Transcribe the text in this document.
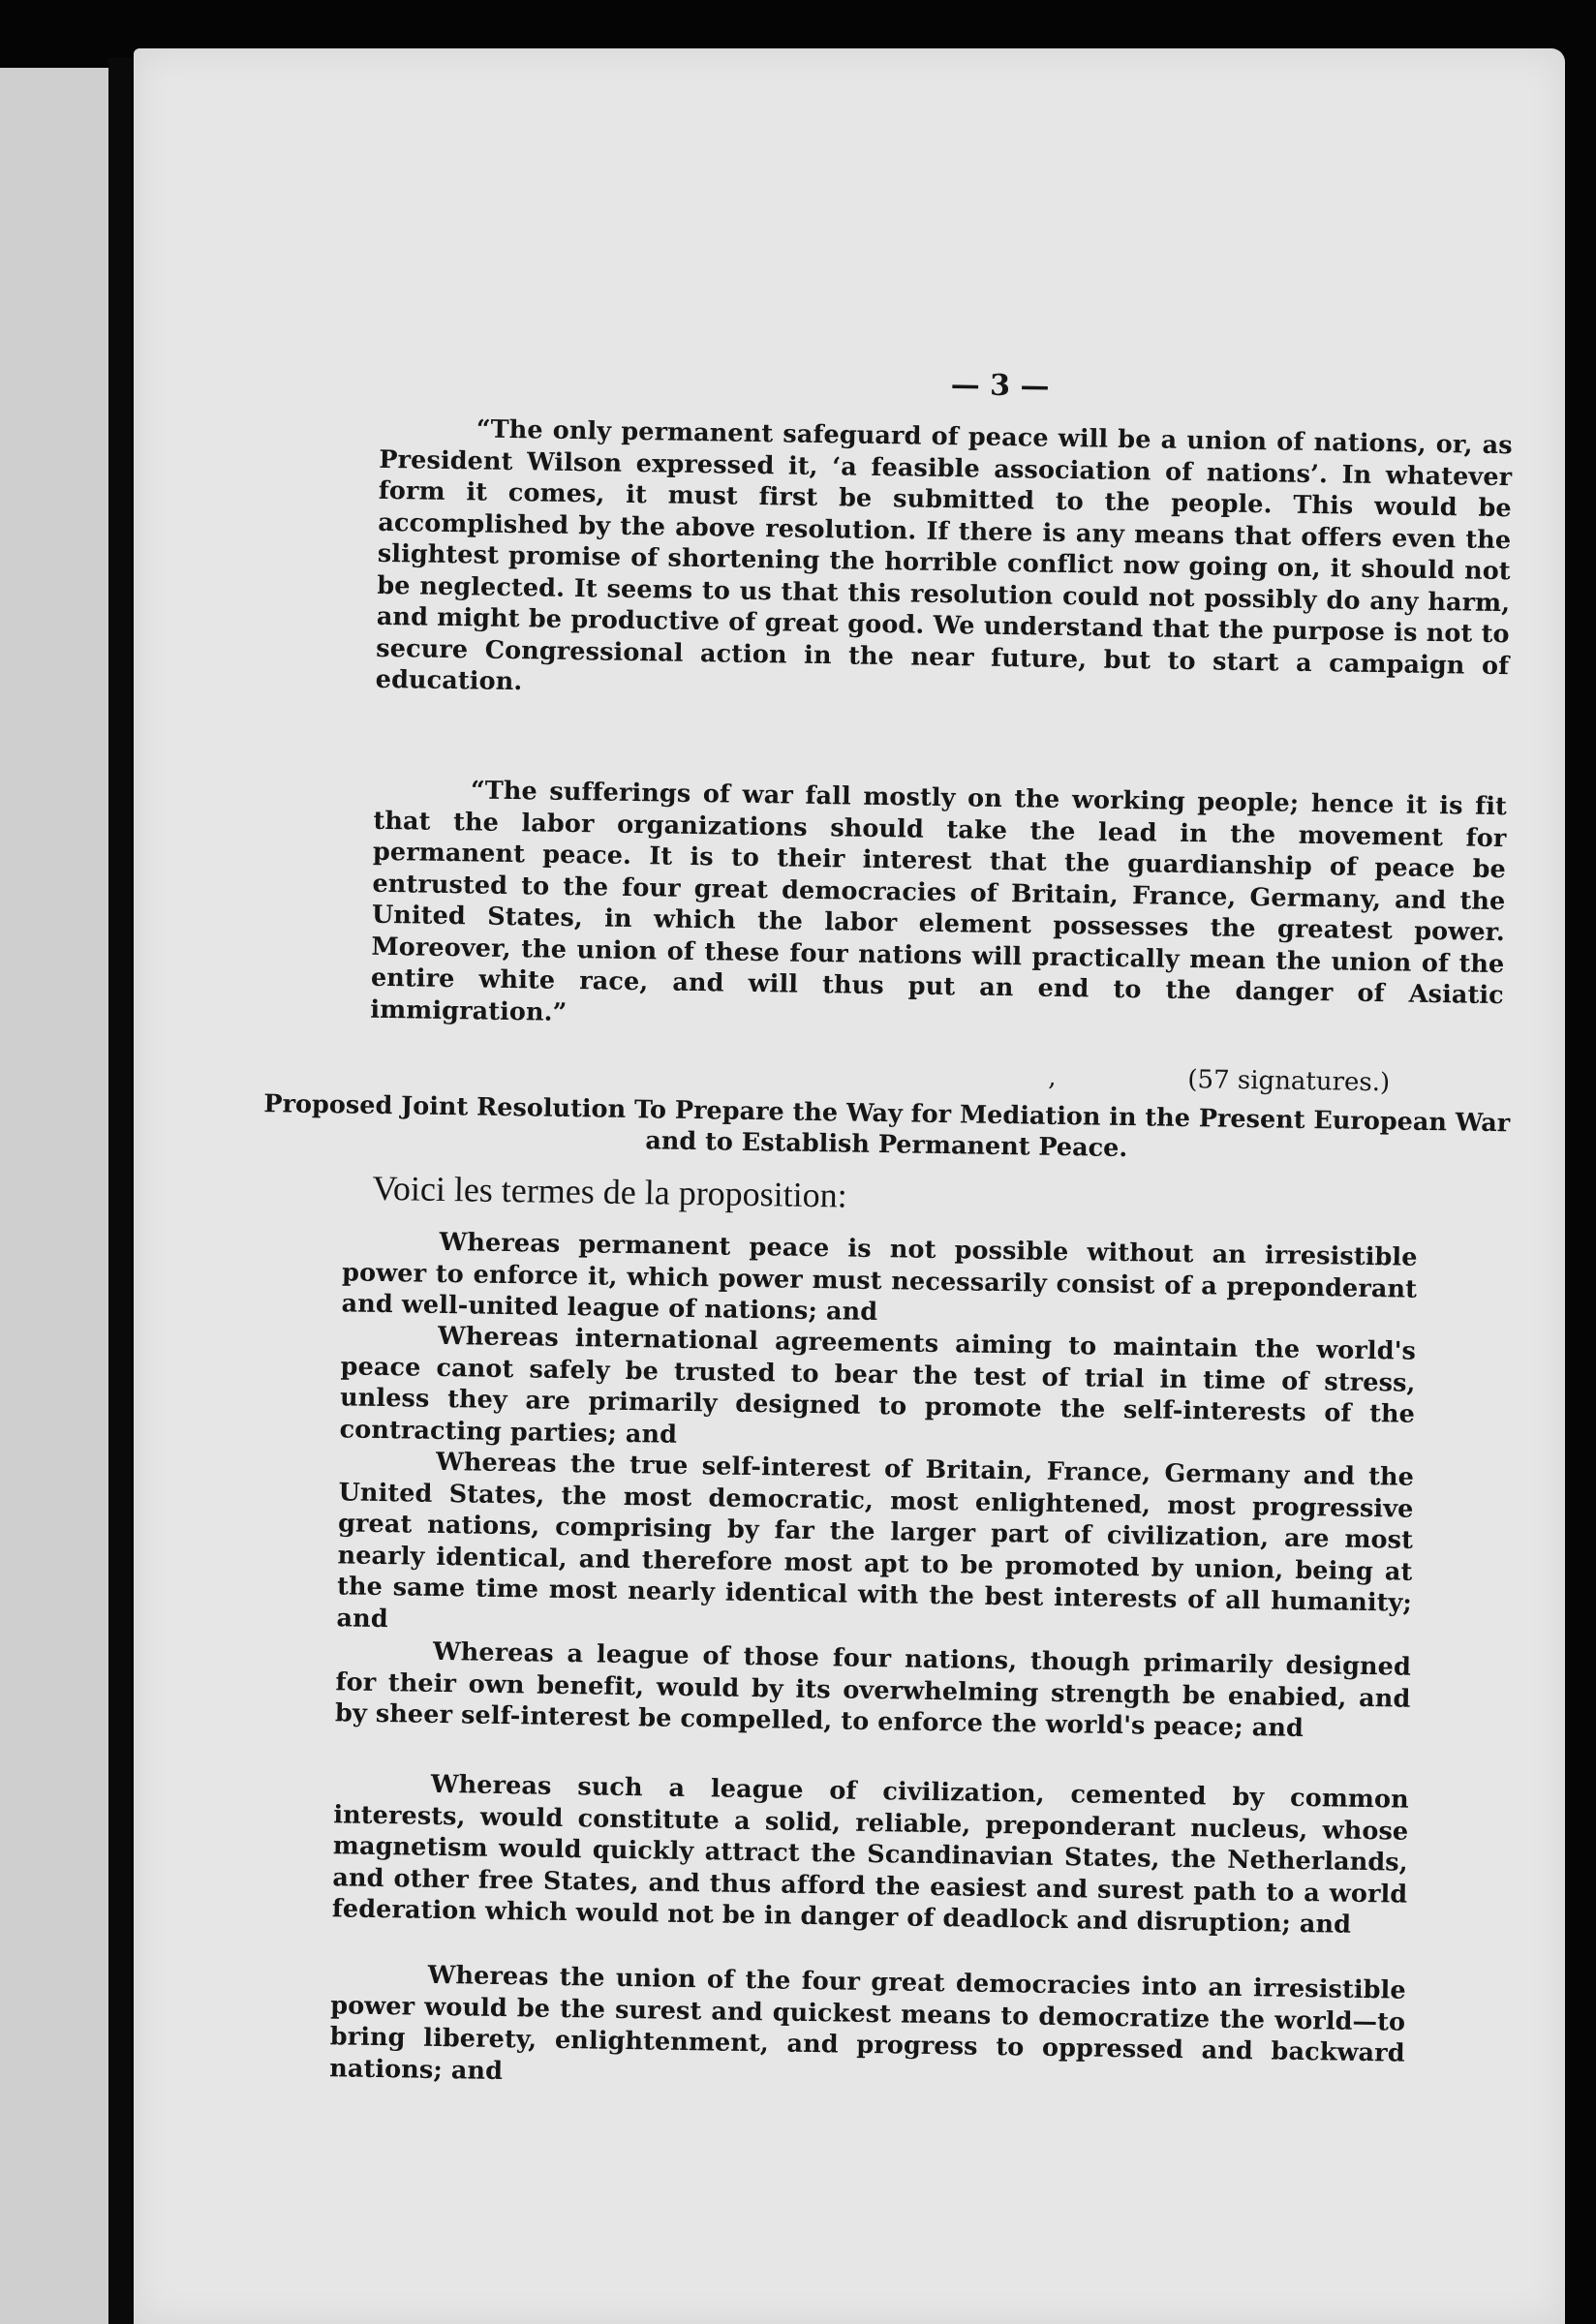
— 3 —

“The only permanent safeguard of peace will be a union of nations, or, as President Wilson expressed it, ‘a feasible association of nations’. In whatever form it comes, it must first be submitted to the people. This would be accomplished by the above resolution. If there is any means that offers even the slightest promise of shortening the horrible conflict now going on, it should not be neglected. It seems to us that this resolution could not possibly do any harm, and might be productive of great good. We understand that the purpose is not to secure Congressional action in the near future, but to start a campaign of education.

“The sufferings of war fall mostly on the working people; hence it is fit that the labor organizations should take the lead in the movement for permanent peace. It is to their interest that the guardianship of peace be entrusted to the four great democracies of Britain, France, Germany, and the United States, in which the labor element possesses the greatest power. Moreover, the union of these four nations will practically mean the union of the entire white race, and will thus put an end to the danger of Asiatic immigration.”

,	(57 signatures.)

Proposed Joint Resolution To Prepare the Way for Mediation in the Present European War and to Establish Permanent Peace.

Voici les termes de la proposition:

Whereas permanent peace is not possible without an irresistible power to enforce it, which power must necessarily consist of a preponderant and well-united league of nations; and

Whereas international agreements aiming to maintain the world's peace canot safely be trusted to bear the test of trial in time of stress, unless they are primarily designed to promote the self-interests of the contracting parties; and

Whereas the true self-interest of Britain, France, Germany and the United States, the most democratic, most enlightened, most progressive great nations, comprising by far the larger part of civilization, are most nearly identical, and therefore most apt to be promoted by union, being at the same time most nearly identical with the best interests of all humanity; and

Whereas a league of those four nations, though primarily designed for their own benefit, would by its overwhelming strength be enabied, and by sheer self-interest be compelled, to enforce the world's peace; and

Whereas such a league of civilization, cemented by common interests, would constitute a solid, reliable, preponderant nucleus, whose magnetism would quickly attract the Scandinavian States, the Netherlands, and other free States, and thus afford the easiest and surest path to a world federation which would not be in danger of deadlock and disruption; and

Whereas the union of the four great democracies into an irresistible power would be the surest and quickest means to democratize the world—to bring liberety, enlightenment, and progress to oppressed and backward nations; and
